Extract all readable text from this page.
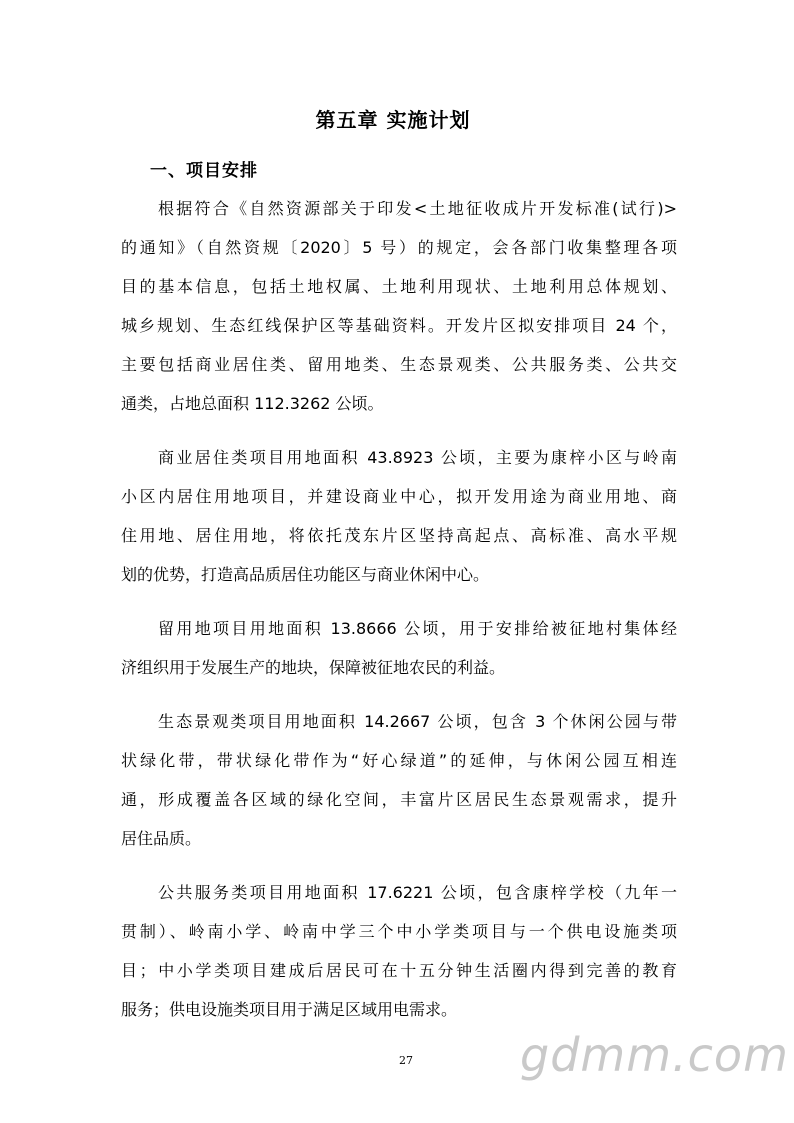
第五章 实施计划
一、项目安排
根据符合《自然资源部关于印发<土地征收成片开发标准(试行)>
的通知》（自然资规〔2020〕5 号）的规定，会各部门收集整理各项
目的基本信息，包括土地权属、土地利用现状、土地利用总体规划、
城乡规划、生态红线保护区等基础资料。开发片区拟安排项目 24 个，
主要包括商业居住类、留用地类、生态景观类、公共服务类、公共交
通类，占地总面积 112.3262 公顷。
商业居住类项目用地面积 43.8923 公顷，主要为康梓小区与岭南
小区内居住用地项目，并建设商业中心，拟开发用途为商业用地、商
住用地、居住用地，将依托茂东片区坚持高起点、高标准、高水平规
划的优势，打造高品质居住功能区与商业休闲中心。
留用地项目用地面积 13.8666 公顷，用于安排给被征地村集体经
济组织用于发展生产的地块，保障被征地农民的利益。
生态景观类项目用地面积 14.2667 公顷，包含 3 个休闲公园与带
状绿化带，带状绿化带作为“好心绿道”的延伸，与休闲公园互相连
通，形成覆盖各区域的绿化空间，丰富片区居民生态景观需求，提升
居住品质。
公共服务类项目用地面积 17.6221 公顷，包含康梓学校（九年一
贯制）、岭南小学、岭南中学三个中小学类项目与一个供电设施类项
目；中小学类项目建成后居民可在十五分钟生活圈内得到完善的教育
服务；供电设施类项目用于满足区域用电需求。
27	gdmm.com
